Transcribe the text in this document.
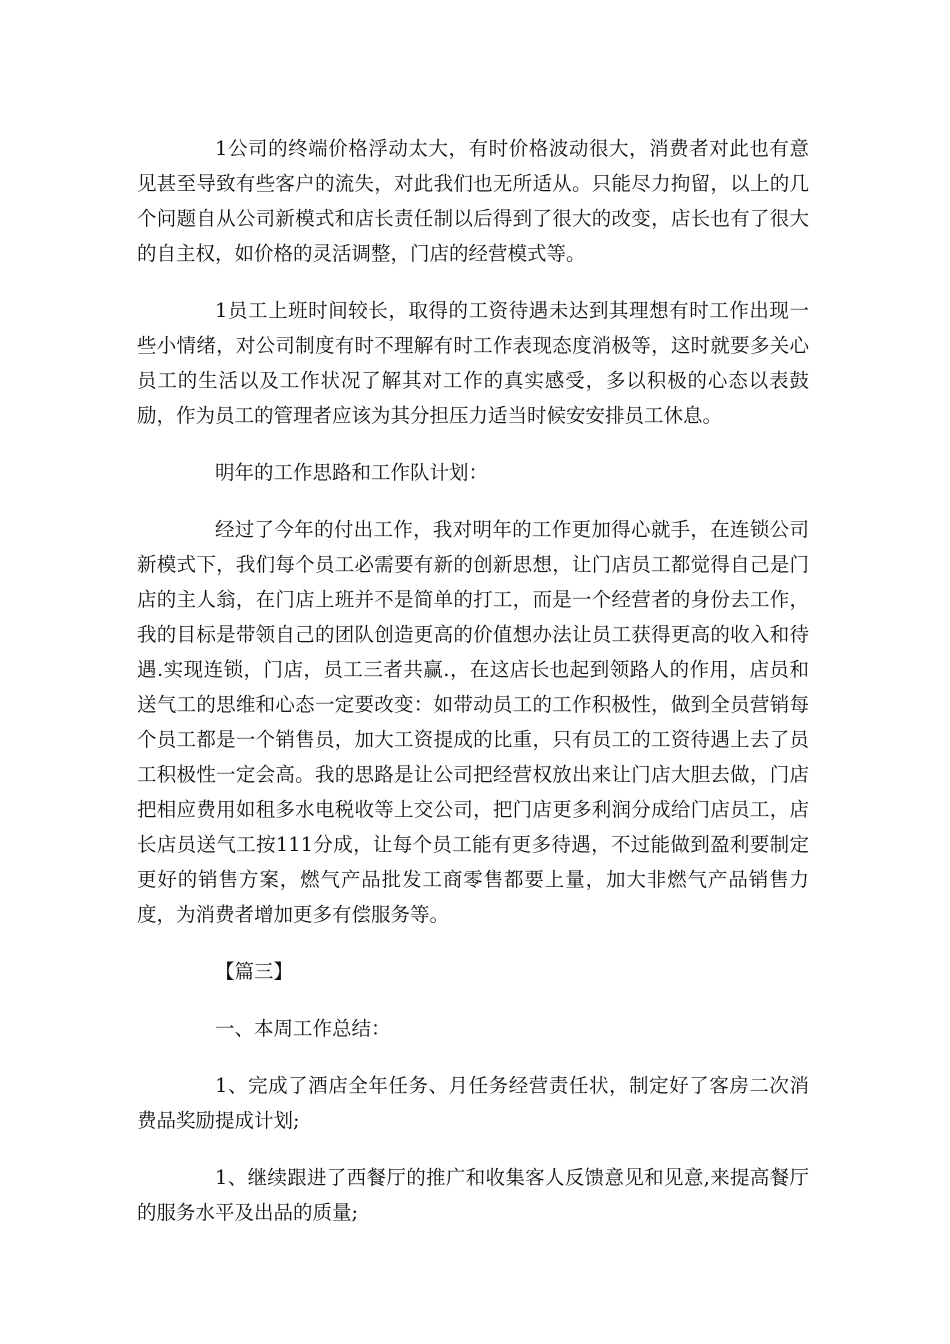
1公司的终端价格浮动太大，有时价格波动很大，消费者对此也有意见甚至导致有些客户的流失，对此我们也无所适从。只能尽力拘留，以上的几个问题自从公司新模式和店长责任制以后得到了很大的改变，店长也有了很大的自主权，如价格的灵活调整，门店的经营模式等。

1员工上班时间较长，取得的工资待遇未达到其理想有时工作出现一些小情绪，对公司制度有时不理解有时工作表现态度消极等，这时就要多关心员工的生活以及工作状况了解其对工作的真实感受，多以积极的心态以表鼓励，作为员工的管理者应该为其分担压力适当时候安安排员工休息。

明年的工作思路和工作队计划：

经过了今年的付出工作，我对明年的工作更加得心就手，在连锁公司新模式下，我们每个员工必需要有新的创新思想，让门店员工都觉得自己是门店的主人翁，在门店上班并不是简单的打工，而是一个经营者的身份去工作，我的目标是带领自己的团队创造更高的价值想办法让员工获得更高的收入和待遇.实现连锁，门店，员工三者共赢.，在这店长也起到领路人的作用，店员和送气工的思维和心态一定要改变：如带动员工的工作积极性，做到全员营销每个员工都是一个销售员，加大工资提成的比重，只有员工的工资待遇上去了员工积极性一定会高。我的思路是让公司把经营权放出来让门店大胆去做，门店把相应费用如租多水电税收等上交公司，把门店更多利润分成给门店员工，店长店员送气工按111分成，让每个员工能有更多待遇，不过能做到盈利要制定更好的销售方案，燃气产品批发工商零售都要上量，加大非燃气产品销售力度，为消费者增加更多有偿服务等。

【篇三】

一、本周工作总结：

1、完成了酒店全年任务、月任务经营责任状，制定好了客房二次消费品奖励提成计划;

1、继续跟进了西餐厅的推广和收集客人反馈意见和见意,来提高餐厅的服务水平及出品的质量;
